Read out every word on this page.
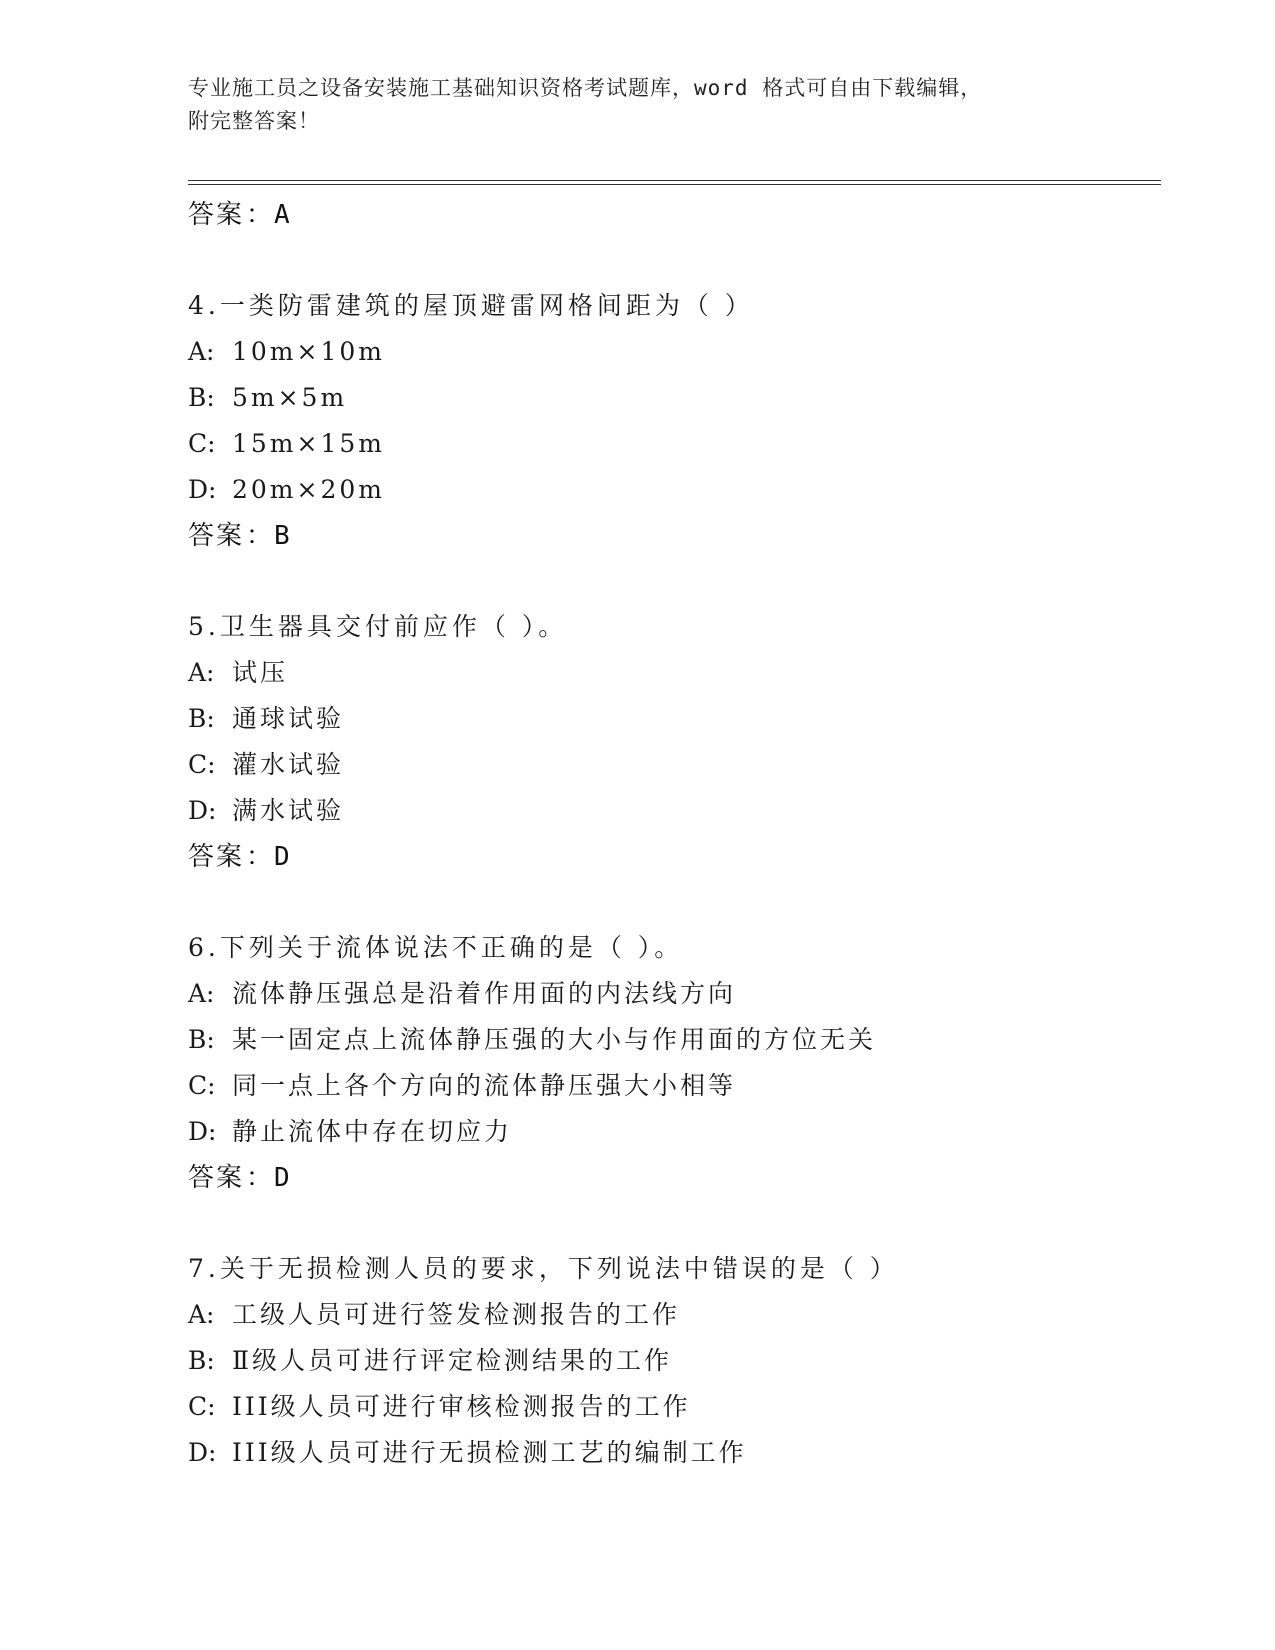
专业施工员之设备安装施工基础知识资格考试题库，word 格式可自由下载编辑，
附完整答案！
答案：A
4.一类防雷建筑的屋顶避雷网格间距为（ ）
A: 10m×10m
B: 5m×5m
C: 15m×15m
D: 20m×20m
答案：B
5.卫生器具交付前应作（ ）。
A: 试压
B: 通球试验
C: 灌水试验
D: 满水试验
答案：D
6.下列关于流体说法不正确的是（ ）。
A: 流体静压强总是沿着作用面的内法线方向
B: 某一固定点上流体静压强的大小与作用面的方位无关
C: 同一点上各个方向的流体静压强大小相等
D: 静止流体中存在切应力
答案：D
7.关于无损检测人员的要求，下列说法中错误的是（ ）
A: 工级人员可进行签发检测报告的工作
B: Ⅱ级人员可进行评定检测结果的工作
C: III级人员可进行审核检测报告的工作
D: III级人员可进行无损检测工艺的编制工作
